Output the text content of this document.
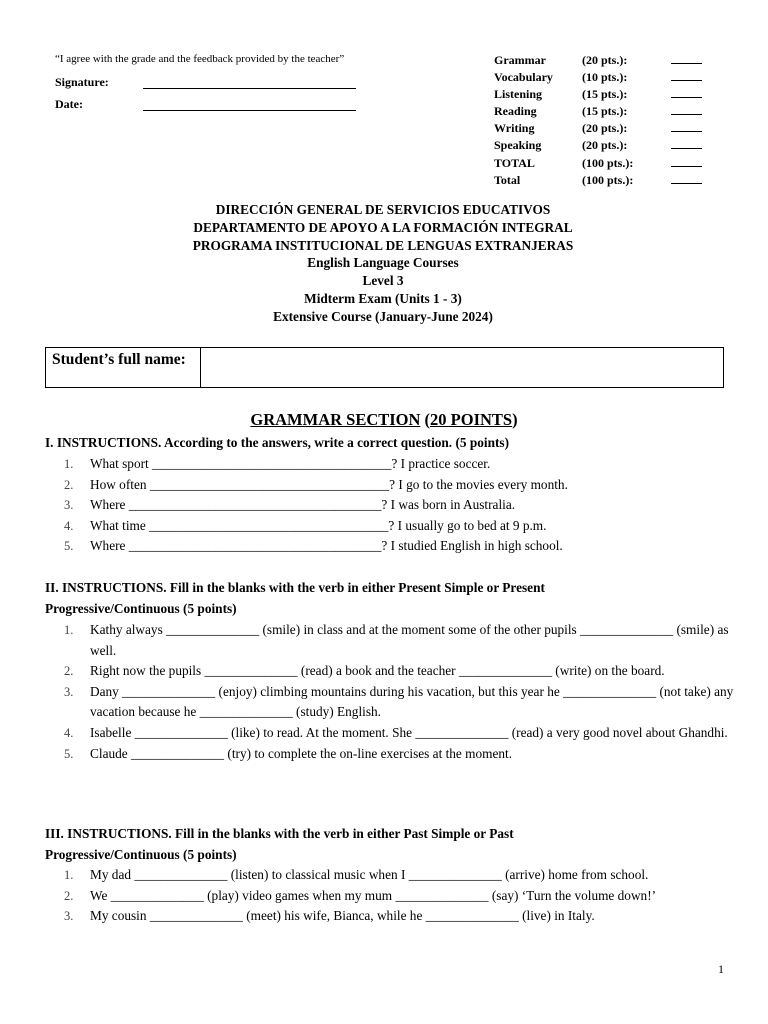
“I agree with the grade and the feedback provided by the teacher”
Signature:
Date:
Grammar	(20 pts.):
Vocabulary (10 pts.):
Listening	(15 pts.):
Reading	(15 pts.):
Writing	(20 pts.):
Speaking	(20 pts.):
TOTAL	(100 pts.):
Total	(100 pts.):
DIRECCIÓN GENERAL DE SERVICIOS EDUCATIVOS
DEPARTAMENTO DE APOYO A LA FORMACIÓN INTEGRAL
PROGRAMA INSTITUCIONAL DE LENGUAS EXTRANJERAS
English Language Courses
Level 3
Midterm Exam (Units 1 - 3)
Extensive Course (January-June 2024)
Student’s full name:
GRAMMAR SECTION (20 POINTS)
I. INSTRUCTIONS. According to the answers, write a correct question. (5 points)
1. What sport ____________________________________? I practice soccer.
2. How often ____________________________________? I go to the movies every month.
3. Where ______________________________________? I was born in Australia.
4. What time ____________________________________? I usually go to bed at 9 p.m.
5. Where ______________________________________? I studied English in high school.
II. INSTRUCTIONS. Fill in the blanks with the verb in either Present Simple or Present Progressive/Continuous (5 points)
1. Kathy always ______________ (smile) in class and at the moment some of the other pupils ______________ (smile) as well.
2. Right now the pupils ______________ (read) a book and the teacher ______________ (write) on the board.
3. Dany ______________ (enjoy) climbing mountains during his vacation, but this year he ______________ (not take) any vacation because he ______________ (study) English.
4. Isabelle ______________ (like) to read. At the moment. She ______________ (read) a very good novel about Ghandhi.
5. Claude ______________ (try) to complete the on-line exercises at the moment.
III. INSTRUCTIONS. Fill in the blanks with the verb in either Past Simple or Past Progressive/Continuous (5 points)
1. My dad ______________ (listen) to classical music when I ______________ (arrive) home from school.
2. We ______________ (play) video games when my mum ______________ (say) ‘Turn the volume down!’
3. My cousin ______________ (meet) his wife, Bianca, while he ______________ (live) in Italy.
1
